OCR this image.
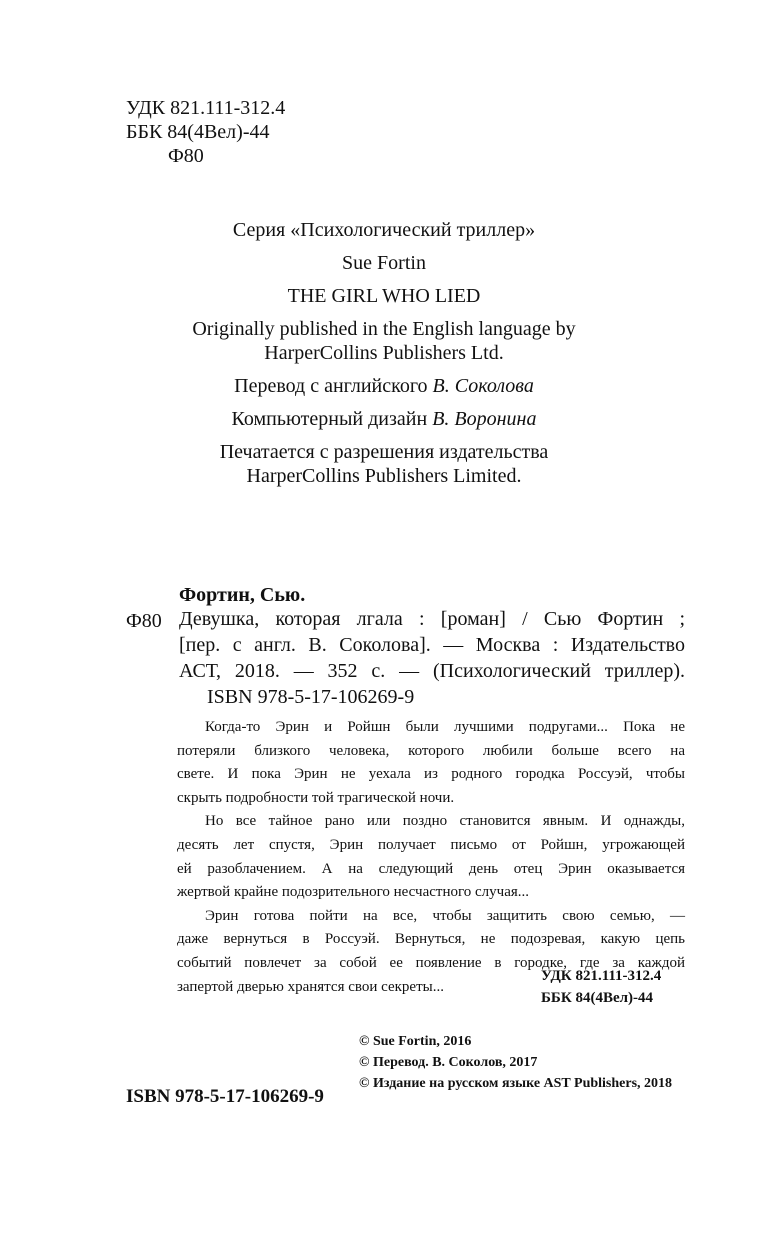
УДК 821.111-312.4
ББК 84(4Вел)-44
Ф80
Серия «Психологический триллер»
Sue Fortin
THE GIRL WHO LIED
Originally published in the English language by
HarperCollins Publishers Ltd.
Перевод с английского В. Соколова
Компьютерный дизайн В. Воронина
Печатается с разрешения издательства
HarperCollins Publishers Limited.
Фортин, Сью.
Ф80 Девушка, которая лгала : [роман] / Сью Фортин ;
[пер. с англ. В. Соколова]. — Москва : Издательство
АСТ, 2018. — 352 с. — (Психологический триллер).
ISBN 978-5-17-106269-9

Когда-то Эрин и Ройшн были лучшими подругами... Пока не
потеряли близкого человека, которого любили больше всего на
свете. И пока Эрин не уехала из родного городка Россуэй, чтобы
скрыть подробности той трагической ночи.

Но все тайное рано или поздно становится явным. И однажды,
десять лет спустя, Эрин получает письмо от Ройшн, угрожающей
ей разоблачением. А на следующий день отец Эрин оказывается
жертвой крайне подозрительного несчастного случая...

Эрин готова пойти на все, чтобы защитить свою семью, —
даже вернуться в Россуэй. Вернуться, не подозревая, какую цепь
событий повлечет за собой ее появление в городке, где за каждой
запертой дверью хранятся свои секреты...

УДК 821.111-312.4
ББК 84(4Вел)-44
© Sue Fortin, 2016
© Перевод. В. Соколов, 2017
© Издание на русском языке AST Publishers, 2018
ISBN 978-5-17-106269-9
